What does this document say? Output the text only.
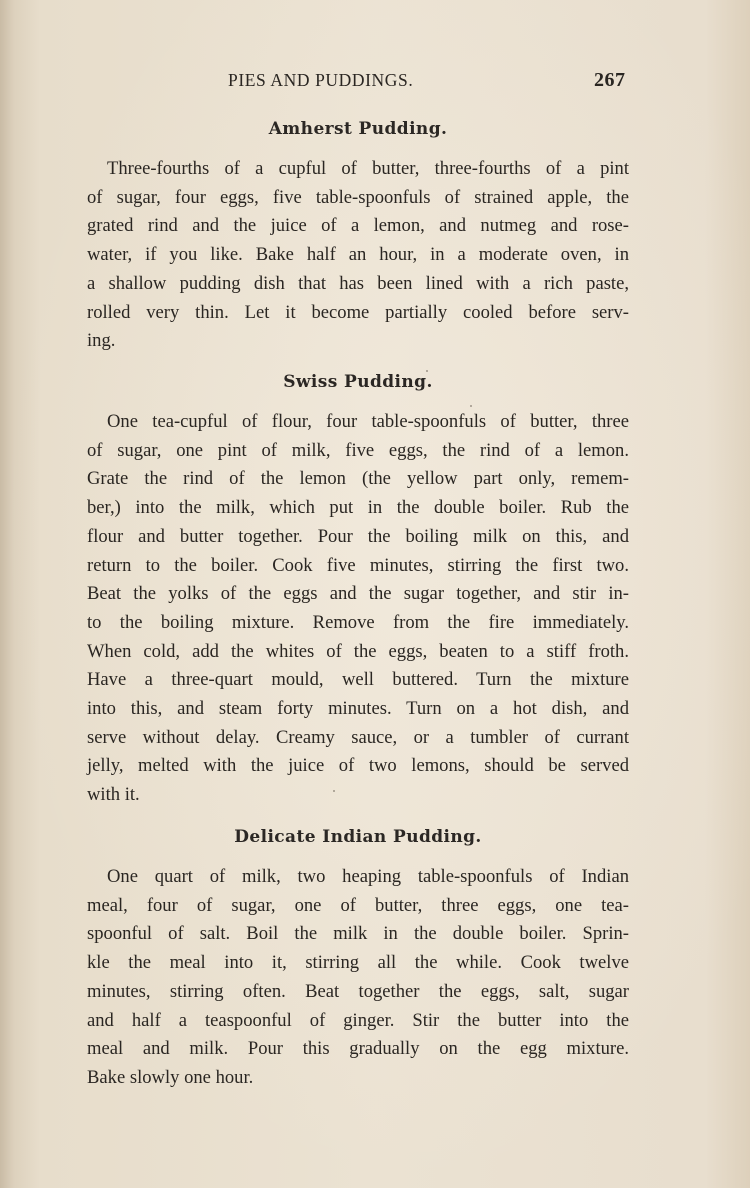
PIES AND PUDDINGS.	267
Amherst Pudding.

Three-fourths of a cupful of butter, three-fourths of a pint
of sugar, four eggs, five table-spoonfuls of strained apple, the
grated rind and the juice of a lemon, and nutmeg and rose-
water, if you like. Bake half an hour, in a moderate oven, in
a shallow pudding dish that has been lined with a rich paste,
rolled very thin. Let it become partially cooled before serv-
ing.

Swiss Pudding.

One tea-cupful of flour, four table-spoonfuls of butter, three
of sugar, one pint of milk, five eggs, the rind of a lemon.
Grate the rind of the lemon (the yellow part only, remem-
ber,) into the milk, which put in the double boiler. Rub the
flour and butter together. Pour the boiling milk on this, and
return to the boiler. Cook five minutes, stirring the first two.
Beat the yolks of the eggs and the sugar together, and stir in-
to the boiling mixture. Remove from the fire immediately.
When cold, add the whites of the eggs, beaten to a stiff froth.
Have a three-quart mould, well buttered. Turn the mixture
into this, and steam forty minutes. Turn on a hot dish, and
serve without delay. Creamy sauce, or a tumbler of currant
jelly, melted with the juice of two lemons, should be served
with it.

Delicate Indian Pudding.

One quart of milk, two heaping table-spoonfuls of Indian
meal, four of sugar, one of butter, three eggs, one tea-
spoonful of salt. Boil the milk in the double boiler. Sprin-
kle the meal into it, stirring all the while. Cook twelve
minutes, stirring often. Beat together the eggs, salt, sugar
and half a teaspoonful of ginger. Stir the butter into the
meal and milk. Pour this gradually on the egg mixture.
Bake slowly one hour.
